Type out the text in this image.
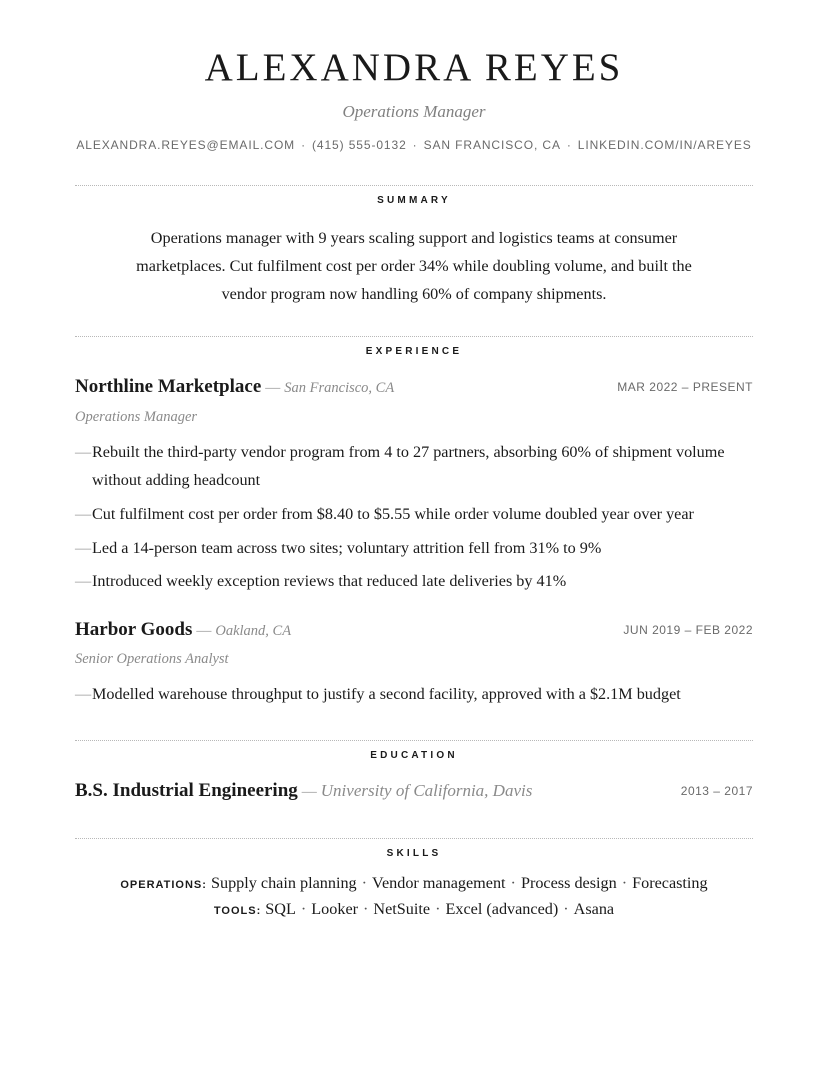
ALEXANDRA REYES
Operations Manager
ALEXANDRA.REYES@EMAIL.COM · (415) 555-0132 · SAN FRANCISCO, CA · LINKEDIN.COM/IN/AREYES
SUMMARY
Operations manager with 9 years scaling support and logistics teams at consumer marketplaces. Cut fulfilment cost per order 34% while doubling volume, and built the vendor program now handling 60% of company shipments.
EXPERIENCE
Northline Marketplace — San Francisco, CA	MAR 2022 – PRESENT
Operations Manager
— Rebuilt the third-party vendor program from 4 to 27 partners, absorbing 60% of shipment volume without adding headcount
— Cut fulfilment cost per order from $8.40 to $5.55 while order volume doubled year over year
— Led a 14-person team across two sites; voluntary attrition fell from 31% to 9%
— Introduced weekly exception reviews that reduced late deliveries by 41%
Harbor Goods — Oakland, CA	JUN 2019 – FEB 2022
Senior Operations Analyst
— Modelled warehouse throughput to justify a second facility, approved with a $2.1M budget
EDUCATION
B.S. Industrial Engineering — University of California, Davis	2013 – 2017
SKILLS
OPERATIONS: Supply chain planning · Vendor management · Process design · Forecasting
TOOLS: SQL · Looker · NetSuite · Excel (advanced) · Asana
